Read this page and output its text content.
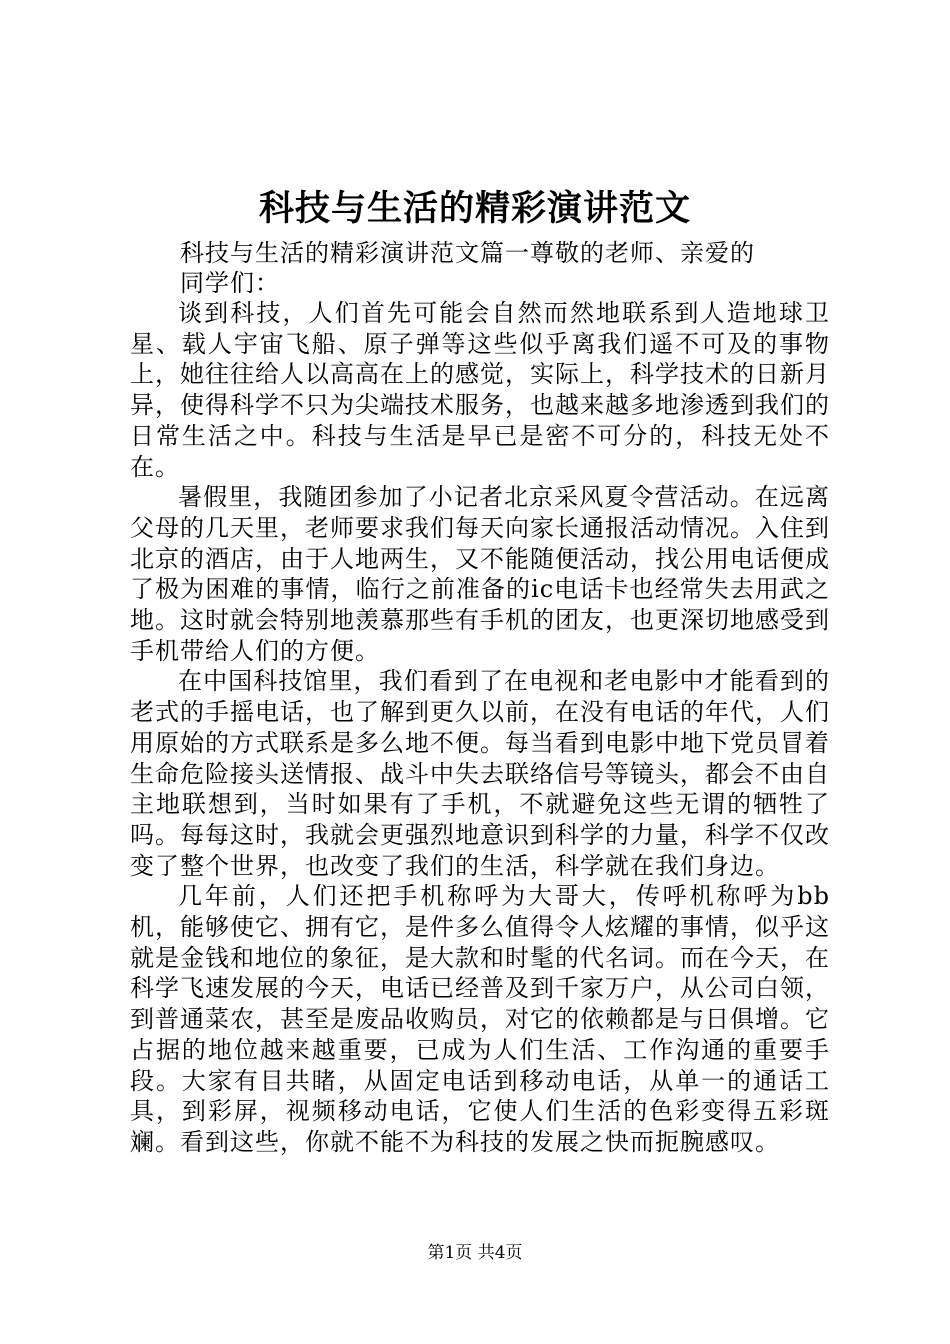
科技与生活的精彩演讲范文
科技与生活的精彩演讲范文篇一尊敬的老师、亲爱的
同学们：

谈到科技，人们首先可能会自然而然地联系到人造地球卫星、载人宇宙飞船、原子弹等这些似乎离我们遥不可及的事物上，她往往给人以高高在上的感觉，实际上，科学技术的日新月异，使得科学不只为尖端技术服务，也越来越多地渗透到我们的日常生活之中。科技与生活是早已是密不可分的，科技无处不在。

暑假里，我随团参加了小记者北京采风夏令营活动。在远离父母的几天里，老师要求我们每天向家长通报活动情况。入住到北京的酒店，由于人地两生，又不能随便活动，找公用电话便成了极为困难的事情，临行之前准备的ic电话卡也经常失去用武之地。这时就会特别地羡慕那些有手机的团友，也更深切地感受到手机带给人们的方便。

在中国科技馆里，我们看到了在电视和老电影中才能看到的老式的手摇电话，也了解到更久以前，在没有电话的年代，人们用原始的方式联系是多么地不便。每当看到电影中地下党员冒着生命危险接头送情报、战斗中失去联络信号等镜头，都会不由自主地联想到，当时如果有了手机，不就避免这些无谓的牺牲了吗。每每这时，我就会更强烈地意识到科学的力量，科学不仅改变了整个世界，也改变了我们的生活，科学就在我们身边。

几年前，人们还把手机称呼为大哥大，传呼机称呼为bb机，能够使它、拥有它，是件多么值得令人炫耀的事情，似乎这就是金钱和地位的象征，是大款和时髦的代名词。而在今天，在科学飞速发展的今天，电话已经普及到千家万户，从公司白领，到普通菜农，甚至是废品收购员，对它的依赖都是与日俱增。它占据的地位越来越重要，已成为人们生活、工作沟通的重要手段。大家有目共睹，从固定电话到移动电话，从单一的通话工具，到彩屏，视频移动电话，它使人们生活的色彩变得五彩斑斓。看到这些，你就不能不为科技的发展之快而扼腕感叹。

第1页 共4页
